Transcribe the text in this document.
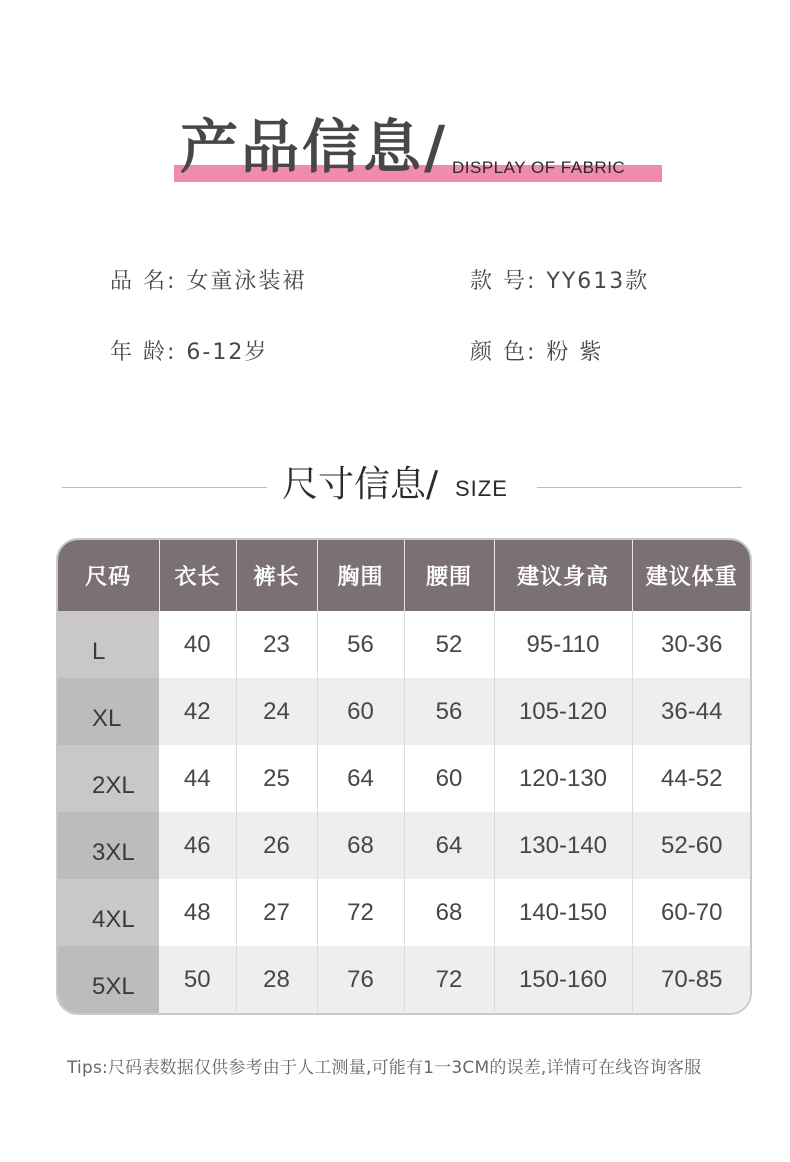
产品信息/ DISPLAY OF FABRIC
品 名: 女童泳装裙	款 号: YY613款
年 龄: 6-12岁	颜 色: 粉 紫
尺寸信息/ SIZE
尺码	衣长	裤长	胸围	腰围	建议身高	建议体重
L	40	23	56	52	95-110	30-36
XL	42	24	60	56	105-120	36-44
2XL	44	25	64	60	120-130	44-52
3XL	46	26	68	64	130-140	52-60
4XL	48	27	72	68	140-150	60-70
5XL	50	28	76	72	150-160	70-85
Tips:尺码表数据仅供参考由于人工测量,可能有1一3CM的误差,详情可在线咨询客服
